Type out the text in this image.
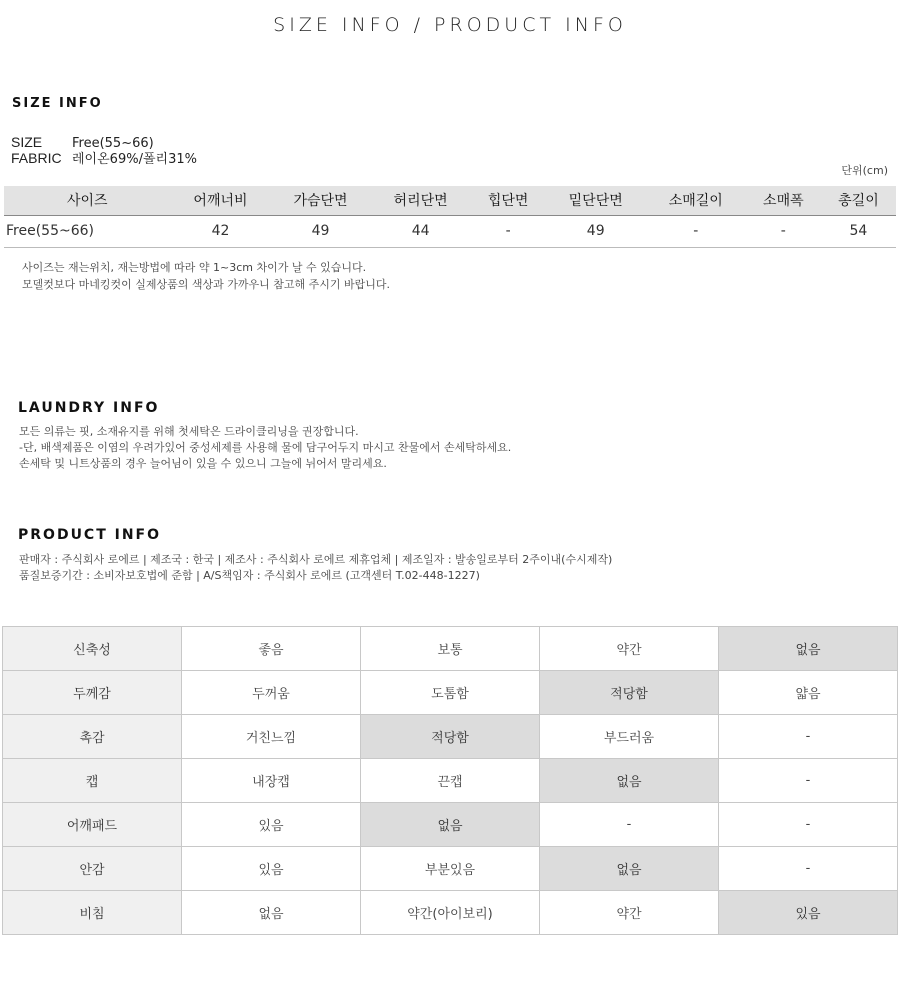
SIZE INFO / PRODUCT INFO
SIZE INFO
SIZE Free(55~66)
FABRIC 레이온69%/폴리31%
단위(cm)
사이즈	어깨너비	가슴단면	허리단면	힙단면	밑단단면	소매길이	소매폭	총길이
Free(55~66)	42	49	44	-	49	-	-	54
사이즈는 재는위치, 재는방법에 따라 약 1~3cm 차이가 날 수 있습니다.
모델컷보다 마네킹컷이 실제상품의 색상과 가까우니 참고해 주시기 바랍니다.
LAUNDRY INFO
모든 의류는 핏, 소재유지를 위해 첫세탁은 드라이클리닝을 권장합니다.
-단, 배색제품은 이염의 우려가있어 중성세제를 사용해 물에 담구어두지 마시고 찬물에서 손세탁하세요.
손세탁 및 니트상품의 경우 늘어님이 있을 수 있으니 그늘에 뉘어서 말리세요.
PRODUCT INFO
판매자 : 주식회사 로에르 | 제조국 : 한국 | 제조사 : 주식회사 로에르 제휴업체 | 제조일자 : 발송일로부터 2주이내(수시제작)
품질보증기간 : 소비자보호법에 준함 | A/S책임자 : 주식회사 로에르 (고객센터 T.02-448-1227)
신축성	좋음	보통	약간	없음
두께감	두꺼움	도톰함	적당함	얇음
촉감	거친느낌	적당함	부드러움	-
캡	내장캡	끈캡	없음	-
어깨패드	있음	없음	-	-
안감	있음	부분있음	없음	-
비침	없음	약간(아이보리)	약간	있음
